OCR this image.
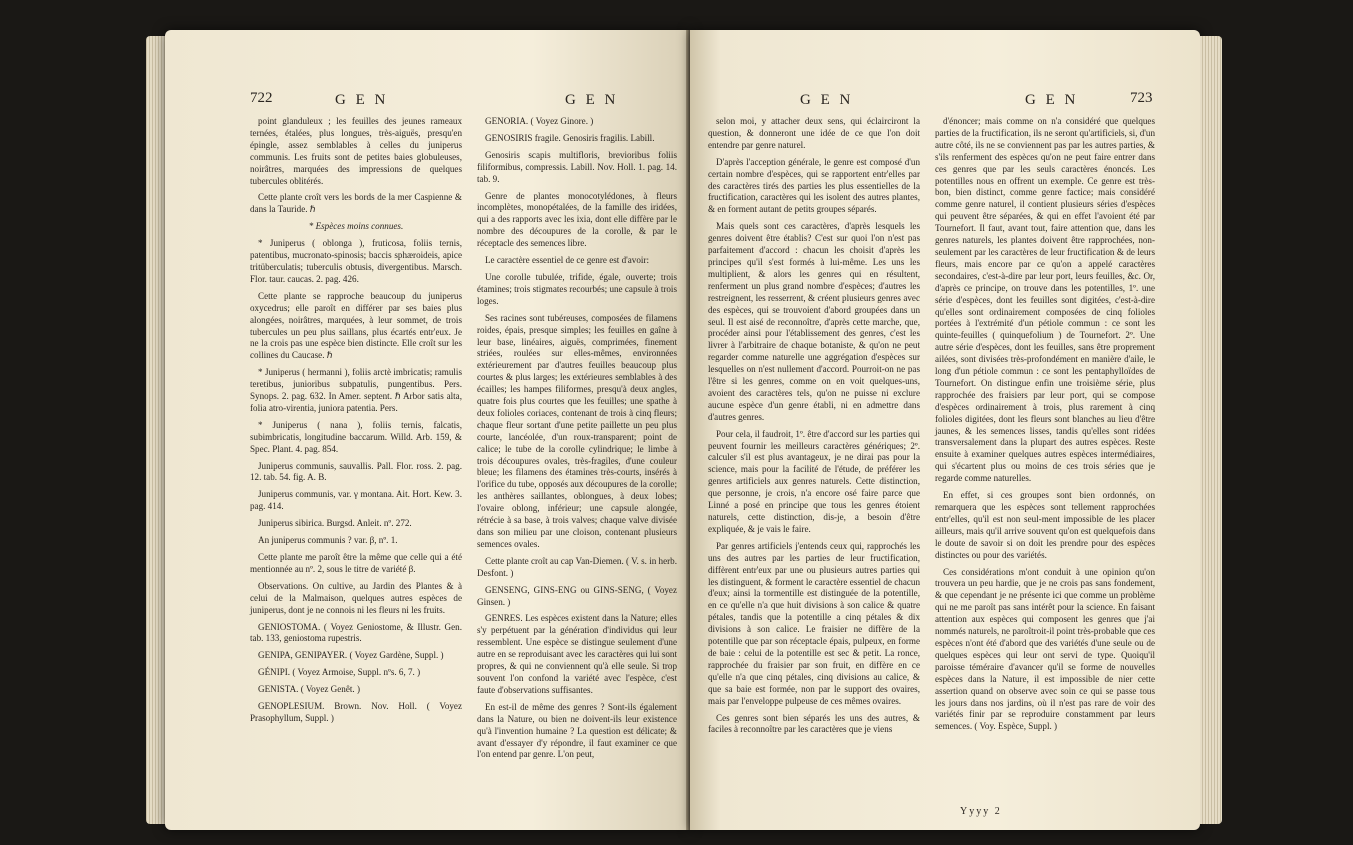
722	G E N	G E N

point glanduleux ; les feuilles des jeunes rameaux ternées, étalées, plus longues, très-aiguës, presqu'en épingle, assez semblables à celles du juniperus communis. Les fruits sont de petites baies globuleuses, noirâtres, marquées des impressions de quelques tubercules oblitérés.

Cette plante croît vers les bords de la mer Caspienne & dans la Tauride. ℏ

* Espèces moins connues.

* Juniperus ( oblonga ), fruticosa, foliis ternis, patentibus, mucronato-spinosis; baccis sphæroideis, apice tritüberculatis; tuberculis obtusis, divergentibus. Marsch. Flor. taur. caucas. 2. pag. 426.

Cette plante se rapproche beaucoup du juniperus oxycedrus; elle paroît en différer par ses baies plus alongées, noirâtres, marquées, à leur sommet, de trois tubercules un peu plus saillans, plus écartés entr'eux. Je ne la crois pas une espèce bien distincte. Elle croît sur les collines du Caucase. ℏ

* Juniperus ( hermanni ), foliis arctè imbricatis; ramulis teretibus, junioribus subpatulis, pungentibus. Pers. Synops. 2. pag. 632. In Amer. septent. ℏ Arbor satis alta, folia atro-virentia, juniora patentia. Pers.

* Juniperus ( nana ), foliis ternis, falcatis, subimbricatis, longitudine baccarum. Willd. Arb. 159, & Spec. Plant. 4. pag. 854.

Juniperus communis, sauvallis. Pall. Flor. ross. 2. pag. 12. tab. 54. fig. A. B.

Juniperus communis, var. γ montana. Ait. Hort. Kew. 3. pag. 414.

Juniperus sibirica. Burgsd. Anleit. nº. 272.

An juniperus communis ? var. β, nº. 1.

Cette plante me paroît être la même que celle qui a été mentionnée au nº. 2, sous le titre de variété β.

Observations. On cultive, au Jardin des Plantes & à celui de la Malmaison, quelques autres espèces de juniperus, dont je ne connois ni les fleurs ni les fruits.

GENIOSTOMA. ( Voyez Geniostome, & Illustr. Gen. tab. 133, geniostoma rupestris.

GENIPA, GENIPAYER. ( Voyez Gardène, Suppl. )

GÉNIPI. ( Voyez Armoise, Suppl. nºs. 6, 7. )

GENISTA. ( Voyez Genêt. )

GENOPLESIUM. Brown. Nov. Holl. ( Voyez Prasophyllum, Suppl. )

GENORIA. ( Voyez Ginore. )

GENOSIRIS fragile. Genosiris fragilis. Labill.

Genosiris scapis multifloris, brevioribus foliis filiformibus, compressis. Labill. Nov. Holl. 1. pag. 14. tab. 9.

Genre de plantes monocotylédones, à fleurs incomplètes, monopétalées, de la famille des iridées, qui a des rapports avec les ixia, dont elle diffère par le nombre des découpures de la corolle, & par le réceptacle des semences libre.

Le caractère essentiel de ce genre est d'avoir:

Une corolle tubulée, trifide, égale, ouverte; trois étamines; trois stigmates recourbés; une capsule à trois loges.

Ses racines sont tubéreuses, composées de filamens roides, épais, presque simples; les feuilles en gaîne à leur base, linéaires, aiguës, comprimées, finement striées, roulées sur elles-mêmes, environnées extérieurement par d'autres feuilles beaucoup plus courtes & plus larges; les extérieures semblables à des écailles; les hampes filiformes, presqu'à deux angles, quatre fois plus courtes que les feuilles; une spathe à deux folioles coriaces, contenant de trois à cinq fleurs; chaque fleur sortant d'une petite paillette un peu plus courte, lancéolée, d'un roux-transparent; point de calice; le tube de la corolle cylindrique; le limbe à trois découpures ovales, très-fragiles, d'une couleur bleue; les filamens des étamines très-courts, insérés à l'orifice du tube, opposés aux découpures de la corolle; les anthères saillantes, oblongues, à deux lobes; l'ovaire oblong, inférieur; une capsule alongée, rétrécie à sa base, à trois valves; chaque valve divisée dans son milieu par une cloison, contenant plusieurs semences ovales.

Cette plante croît au cap Van-Diemen. ( V. s. in herb. Desfont. )

GENSENG, GINS-ENG ou GINS-SENG, ( Voyez Ginsen. )

GENRES. Les espèces existent dans la Nature; elles s'y perpétuent par la génération d'individus qui leur ressemblent. Une espèce se distingue seulement d'une autre en se reproduisant avec les caractères qui lui sont propres, & qui ne conviennent qu'à elle seule. Si trop souvent l'on confond la variété avec l'espèce, c'est faute d'observations suffisantes.

En est-il de même des genres ? Sont-ils également dans la Nature, ou bien ne doivent-ils leur existence qu'à l'invention humaine ? La question est délicate; & avant d'essayer d'y répondre, il faut examiner ce que l'on entend par genre. L'on peut,

G E N	G E N	723

selon moi, y attacher deux sens, qui éclairciront la question, & donneront une idée de ce que l'on doit entendre par genre naturel.

D'après l'acception générale, le genre est composé d'un certain nombre d'espèces, qui se rapportent entr'elles par des caractères tirés des parties les plus essentielles de la fructification, caractères qui les isolent des autres plantes, & en forment autant de petits groupes séparés.

Mais quels sont ces caractères, d'après lesquels les genres doivent être établis? C'est sur quoi l'on n'est pas parfaitement d'accord : chacun les choisit d'après les principes qu'il s'est formés à lui-même. Les uns les multiplient, & alors les genres qui en résultent, renferment un plus grand nombre d'espèces; d'autres les restreignent, les resserrent, & créent plusieurs genres avec des espèces, qui se trouvoient d'abord groupées dans un seul. Il est aisé de reconnoître, d'après cette marche, que, procéder ainsi pour l'établissement des genres, c'est les livrer à l'arbitraire de chaque botaniste, & qu'on ne peut regarder comme naturelle une aggrégation d'espèces sur lesquelles on n'est nullement d'accord. Pourroit-on ne pas l'être si les genres, comme on en voit quelques-uns, avoient des caractères tels, qu'on ne puisse ni exclure aucune espèce d'un genre établi, ni en admettre dans d'autres genres.

Pour cela, il faudroit, 1º. être d'accord sur les parties qui peuvent fournir les meilleurs caractères génériques; 2º. calculer s'il est plus avantageux, je ne dirai pas pour la science, mais pour la facilité de l'étude, de préférer les genres artificiels aux genres naturels. Cette distinction, que personne, je crois, n'a encore osé faire parce que Linné a posé en principe que tous les genres étoient naturels, cette distinction, dis-je, a besoin d'être expliquée, & je vais le faire.

Par genres artificiels j'entends ceux qui, rapprochés les uns des autres par les parties de leur fructification, diffèrent entr'eux par une ou plusieurs autres parties qui les distinguent, & forment le caractère essentiel de chacun d'eux; ainsi la tormentille est distinguée de la potentille, en ce qu'elle n'a que huit divisions à son calice & quatre pétales, tandis que la potentille a cinq pétales & dix divisions à son calice. Le fraisier ne diffère de la potentille que par son réceptacle épais, pulpeux, en forme de baie : celui de la potentille est sec & petit. La ronce, rapprochée du fraisier par son fruit, en diffère en ce qu'elle n'a que cinq pétales, cinq divisions au calice, & que sa baie est formée, non par le support des ovaires, mais par l'enveloppe pulpeuse de ces mêmes ovaires.

Ces genres sont bien séparés les uns des autres, & faciles à reconnoître par les caractères que je viens

d'énoncer; mais comme on n'a considéré que quelques parties de la fructification, ils ne seront qu'artificiels, si, d'un autre côté, ils ne se conviennent pas par les autres parties, & s'ils renferment des espèces qu'on ne peut faire entrer dans ces genres que par les seuls caractères énoncés. Les potentilles nous en offrent un exemple. Ce genre est très-bon, bien distinct, comme genre factice; mais considéré comme genre naturel, il contient plusieurs séries d'espèces qui peuvent être séparées, & qui en effet l'avoient été par Tournefort. Il faut, avant tout, faire attention que, dans les genres naturels, les plantes doivent être rapprochées, non-seulement par les caractères de leur fructification & de leurs fleurs, mais encore par ce qu'on a appelé caractères secondaires, c'est-à-dire par leur port, leurs feuilles, &c. Or, d'après ce principe, on trouve dans les potentilles, 1º. une série d'espèces, dont les feuilles sont digitées, c'est-à-dire qu'elles sont ordinairement composées de cinq folioles portées à l'extrémité d'un pétiole commun : ce sont les quinte-feuilles ( quinquefolium ) de Tournefort. 2º. Une autre série d'espèces, dont les feuilles, sans être proprement ailées, sont divisées très-profondément en manière d'aile, le long d'un pétiole commun : ce sont les pentaphylloïdes de Tournefort. On distingue enfin une troisième série, plus rapprochée des fraisiers par leur port, qui se compose d'espèces ordinairement à trois, plus rarement à cinq folioles digitées, dont les fleurs sont blanches au lieu d'être jaunes, & les semences lisses, tandis qu'elles sont ridées transversalement dans la plupart des autres espèces. Reste ensuite à examiner quelques autres espèces intermédiaires, qui s'écartent plus ou moins de ces trois séries que je regarde comme naturelles.

En effet, si ces groupes sont bien ordonnés, on remarquera que les espèces sont tellement rapprochées entr'elles, qu'il est non seul-ment impossible de les placer ailleurs, mais qu'il arrive souvent qu'on est quelquefois dans le doute de savoir si on doit les prendre pour des espèces distinctes ou pour des variétés.

Ces considérations m'ont conduit à une opinion qu'on trouvera un peu hardie, que je ne crois pas sans fondement, & que cependant je ne présente ici que comme un problème qui ne me paroît pas sans intérêt pour la science. En faisant attention aux espèces qui composent les genres que j'ai nommés naturels, ne paroîtroit-il point très-probable que ces espèces n'ont été d'abord que des variétés d'une seule ou de quelques espèces qui leur ont servi de type. Quoiqu'il paroisse téméraire d'avancer qu'il se forme de nouvelles espèces dans la Nature, il est impossible de nier cette assertion quand on observe avec soin ce qui se passe tous les jours dans nos jardins, où il n'est pas rare de voir des variétés finir par se reproduire constamment par leurs semences. ( Voy. Espèce, Suppl. )

Yyyy 2
